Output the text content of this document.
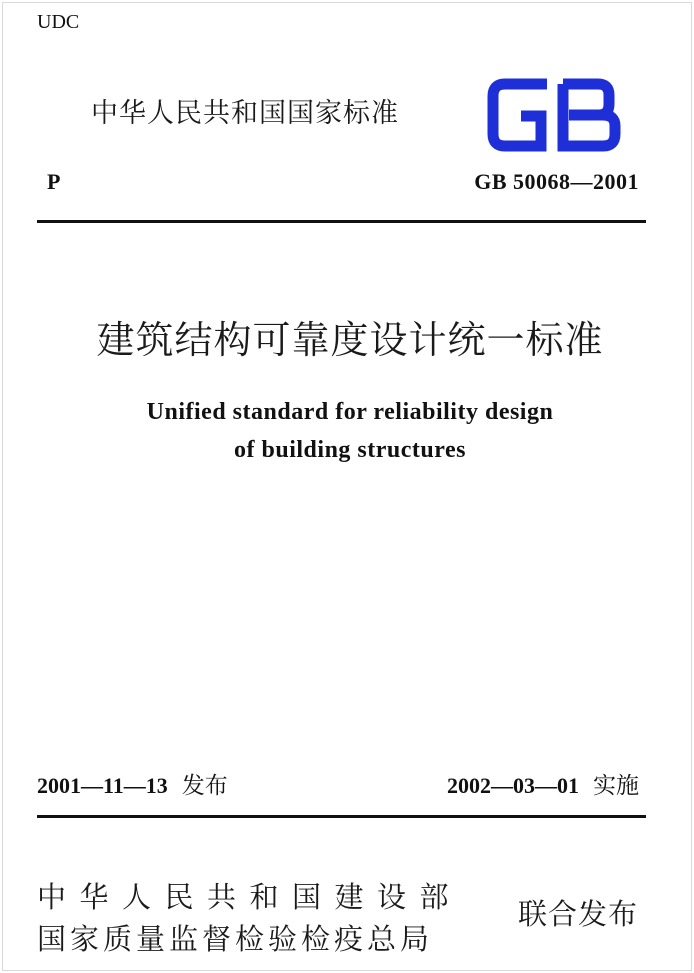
UDC
中华人民共和国国家标准
P	GB 50068—2001
建筑结构可靠度设计统一标准
Unified standard for reliability design
of building structures
2001—11—13 发布	2002—03—01 实施
中华人民共和国建设部
国家质量监督检验检疫总局
联合发布
